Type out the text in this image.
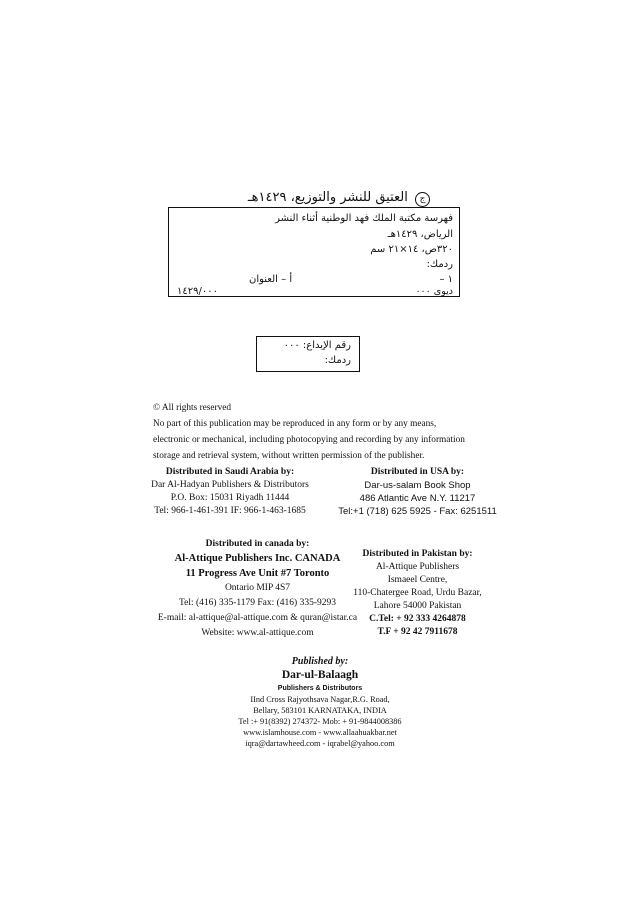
ج العتيق للنشر والتوزيع، ١٤٢٩هـ
فهرسة مكتبة الملك فهد الوطنية أثناء النشر
الرياض، ١٤٢٩هـ
٣٢٠ص، ١٤×٢١ سم
ردمك:
١ –
أ – العنوان
ديوى ٠٠٠
١٤٢٩/٠٠٠
رقم الإيداع: ٠٠٠
ردمك:

© All rights reserved

No part of this publication may be reproduced in any form or by any means,

electronic or mechanical, including photocopying and recording by any information

storage and retrieval system, without written permission of the publisher.

Distributed in Saudi Arabia by:
Dar Al-Hadyan Publishers & Distributors
P.O. Box: 15031 Riyadh 11444
Tel: 966-1-461-391 IF: 966-1-463-1685
Distributed in USA by:
Dar-us-salam Book Shop
486 Atlantic Ave N.Y. 11217
Tel:+1 (718) 625 5925 - Fax: 6251511
Distributed in canada by:
Al-Attique Publishers Inc. CANADA
11 Progress Ave Unit #7 Toronto
Ontario MIP 4S7
Tel: (416) 335-1179 Fax: (416) 335-9293
E-mail: al-attique@al-attique.com & quran@istar.ca
Website: www.al-attique.com
Distributed in Pakistan by:
Al-Attique Publishers
Ismaeel Centre,
110-Chatergee Road, Urdu Bazar,
Lahore 54000 Pakistan
C.Tel: + 92 333 4264878
T.F + 92 42 7911678
Published by:
Dar-ul-Balaagh
Publishers & Distributors
IInd Cross Rajyothsava Nagar,R.G. Road,
Bellary, 583101 KARNATAKA, INDIA
Tel :+ 91(8392) 274372- Mob: + 91-9844008386
www.islamhouse.com - www.allaahuakbar.net
iqra@dartawheed.com - iqrabel@yahoo.com
